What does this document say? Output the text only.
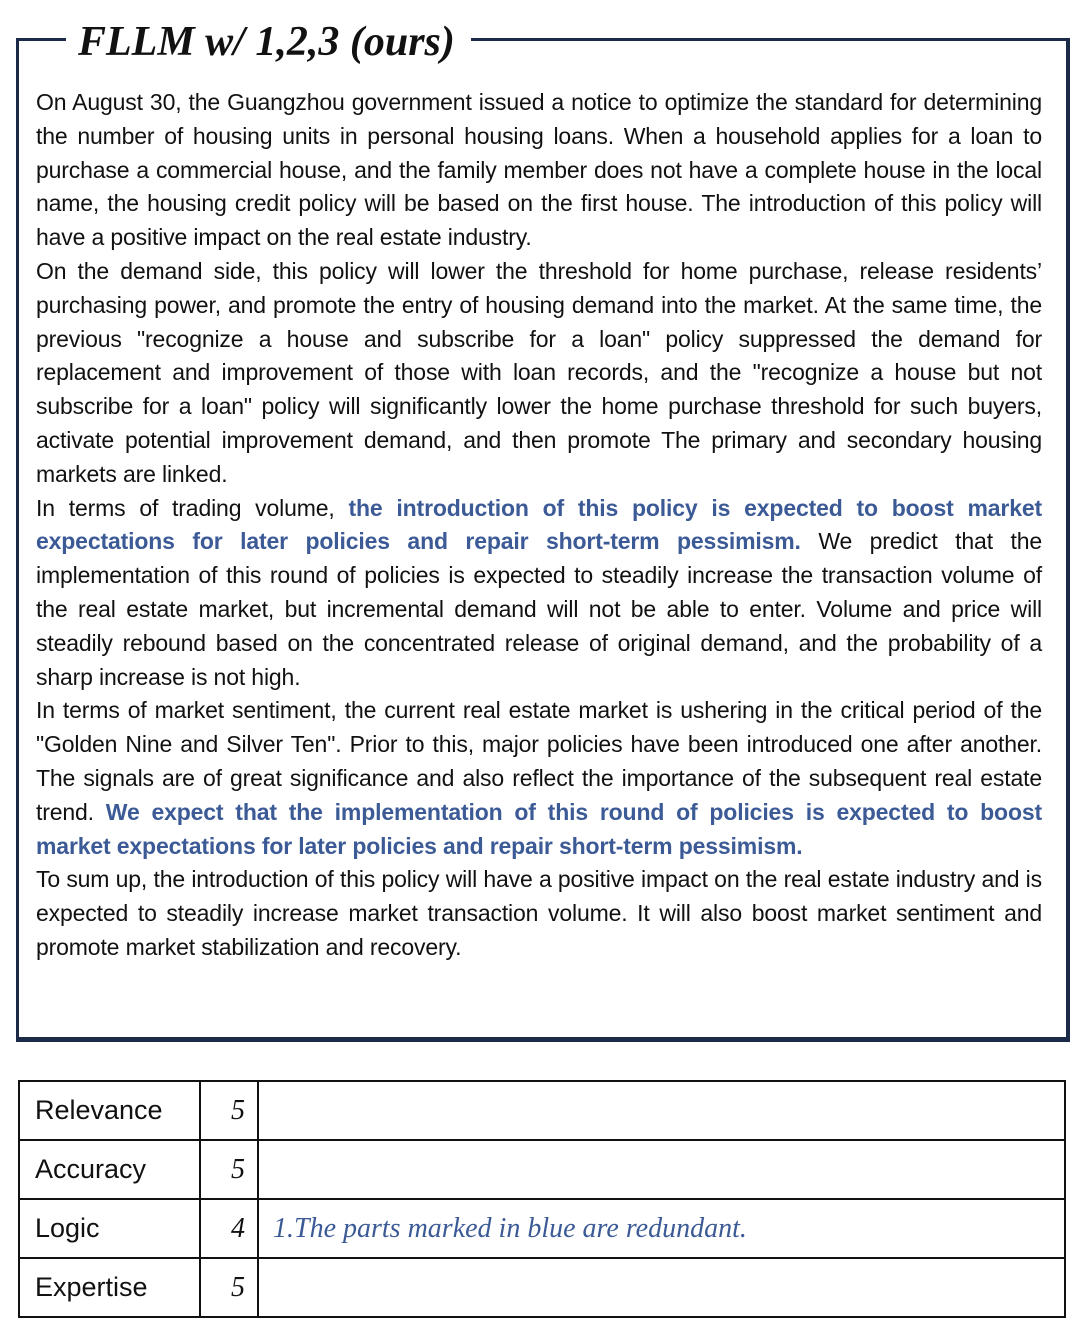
FLLM w/ 1,2,3 (ours)

On August 30, the Guangzhou government issued a notice to optimize the standard for determining the number of housing units in personal housing loans. When a household applies for a loan to purchase a commercial house, and the family member does not have a complete house in the local name, the housing credit policy will be based on the first house. The introduction of this policy will have a positive impact on the real estate industry.

On the demand side, this policy will lower the threshold for home purchase, release residents’ purchasing power, and promote the entry of housing demand into the market. At the same time, the previous "recognize a house and subscribe for a loan" policy suppressed the demand for replacement and improvement of those with loan records, and the "recognize a house but not subscribe for a loan" policy will significantly lower the home purchase threshold for such buyers, activate potential improvement demand, and then promote The primary and secondary housing markets are linked.

In terms of trading volume, the introduction of this policy is expected to boost market expectations for later policies and repair short-term pessimism. We predict that the implementation of this round of policies is expected to steadily increase the transaction volume of the real estate market, but incremental demand will not be able to enter. Volume and price will steadily rebound based on the concentrated release of original demand, and the probability of a sharp increase is not high.

In terms of market sentiment, the current real estate market is ushering in the critical period of the "Golden Nine and Silver Ten". Prior to this, major policies have been introduced one after another. The signals are of great significance and also reflect the importance of the subsequent real estate trend. We expect that the implementation of this round of policies is expected to boost market expectations for later policies and repair short-term pessimism.

To sum up, the introduction of this policy will have a positive impact on the real estate industry and is expected to steadily increase market transaction volume. It will also boost market sentiment and promote market stabilization and recovery.

Relevance	5	
Accuracy	5	
Logic	4	1.The parts marked in blue are redundant.
Expertise	5	
